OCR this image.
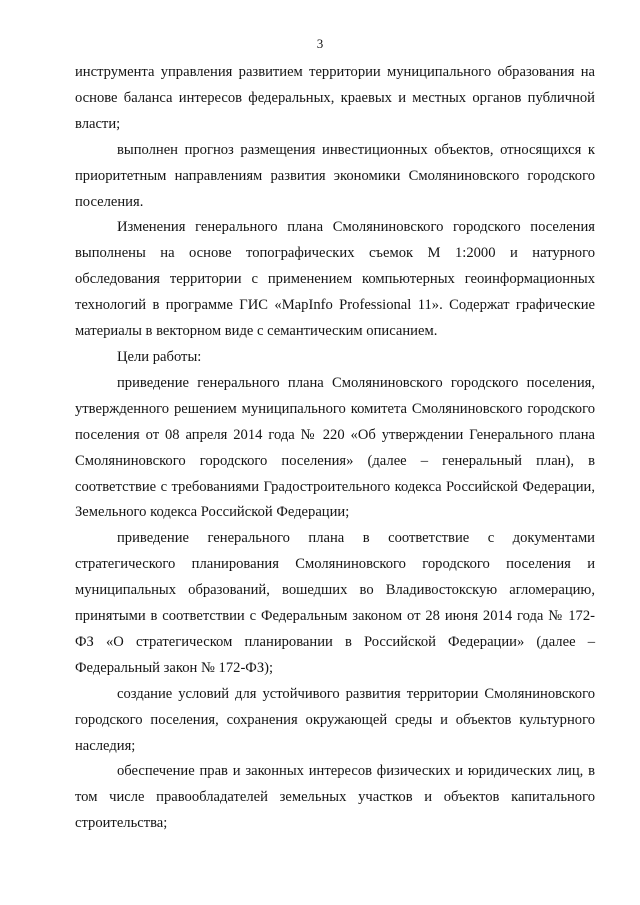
3

инструмента управления развитием территории муниципального образования на основе баланса интересов федеральных, краевых и местных органов публичной власти;

выполнен прогноз размещения инвестиционных объектов, относящихся к приоритетным направлениям развития экономики Смоляниновского городского поселения.

Изменения генерального плана Смоляниновского городского поселения выполнены на основе топографических съемок М 1:2000 и натурного обследования территории с применением компьютерных геоинформационных технологий в программе ГИС «MapInfo Professional 11». Содержат графические материалы в векторном виде с семантическим описанием.

Цели работы:

приведение генерального плана Смоляниновского городского поселения, утвержденного решением муниципального комитета Смоляниновского городского поселения от 08 апреля 2014 года № 220 «Об утверждении Генерального плана Смоляниновского городского поселения» (далее – генеральный план), в соответствие с требованиями Градостроительного кодекса Российской Федерации, Земельного кодекса Российской Федерации;

приведение генерального плана в соответствие с документами стратегического планирования Смоляниновского городского поселения и муниципальных образований, вошедших во Владивостокскую агломерацию, принятыми в соответствии с Федеральным законом от 28 июня 2014 года № 172-ФЗ «О стратегическом планировании в Российской Федерации» (далее – Федеральный закон № 172-ФЗ);

создание условий для устойчивого развития территории Смоляниновского городского поселения, сохранения окружающей среды и объектов культурного наследия;

обеспечение прав и законных интересов физических и юридических лиц, в том числе правообладателей земельных участков и объектов капитального строительства;
